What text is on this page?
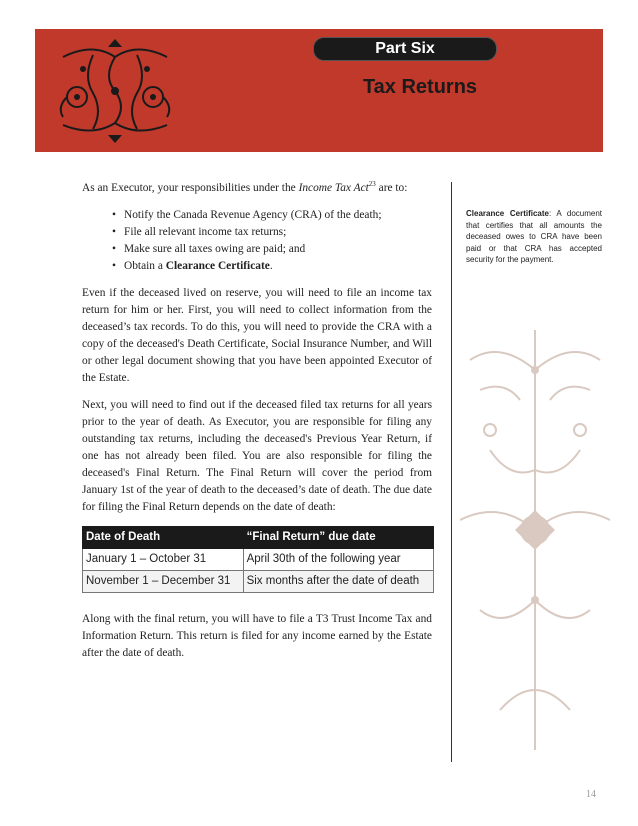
Part Six
Tax Returns

As an Executor, your responsibilities under the Income Tax Act$^{23}$ are to:

• Notify the Canada Revenue Agency (CRA) of the death;
• File all relevant income tax returns;
• Make sure all taxes owing are paid; and
• Obtain a Clearance Certificate.

Even if the deceased lived on reserve, you will need to file an income tax return for him or her. First, you will need to collect information from the deceased’s tax records. To do this, you will need to provide the CRA with a copy of the deceased's Death Certificate, Social Insurance Number, and Will or other legal document showing that you have been appointed Executor of the Estate.

Next, you will need to find out if the deceased filed tax returns for all years prior to the year of death. As Executor, you are responsible for filing any outstanding tax returns, including the deceased's Previous Year Return, if one has not already been filed. You are also responsible for filing the deceased's Final Return. The Final Return will cover the period from January 1st of the year of death to the deceased’s date of death. The due date for filing the Final Return depends on the date of death:

Date of Death	“Final Return” due date
January 1 – October 31	April 30th of the following year
November 1 – December 31	Six months after the date of death

Along with the final return, you will have to file a T3 Trust Income Tax and Information Return. This return is filed for any income earned by the Estate after the date of death.

Clearance Certificate: A document that certifies that all amounts the deceased owes to CRA have been paid or that CRA has accepted security for the payment.
14
